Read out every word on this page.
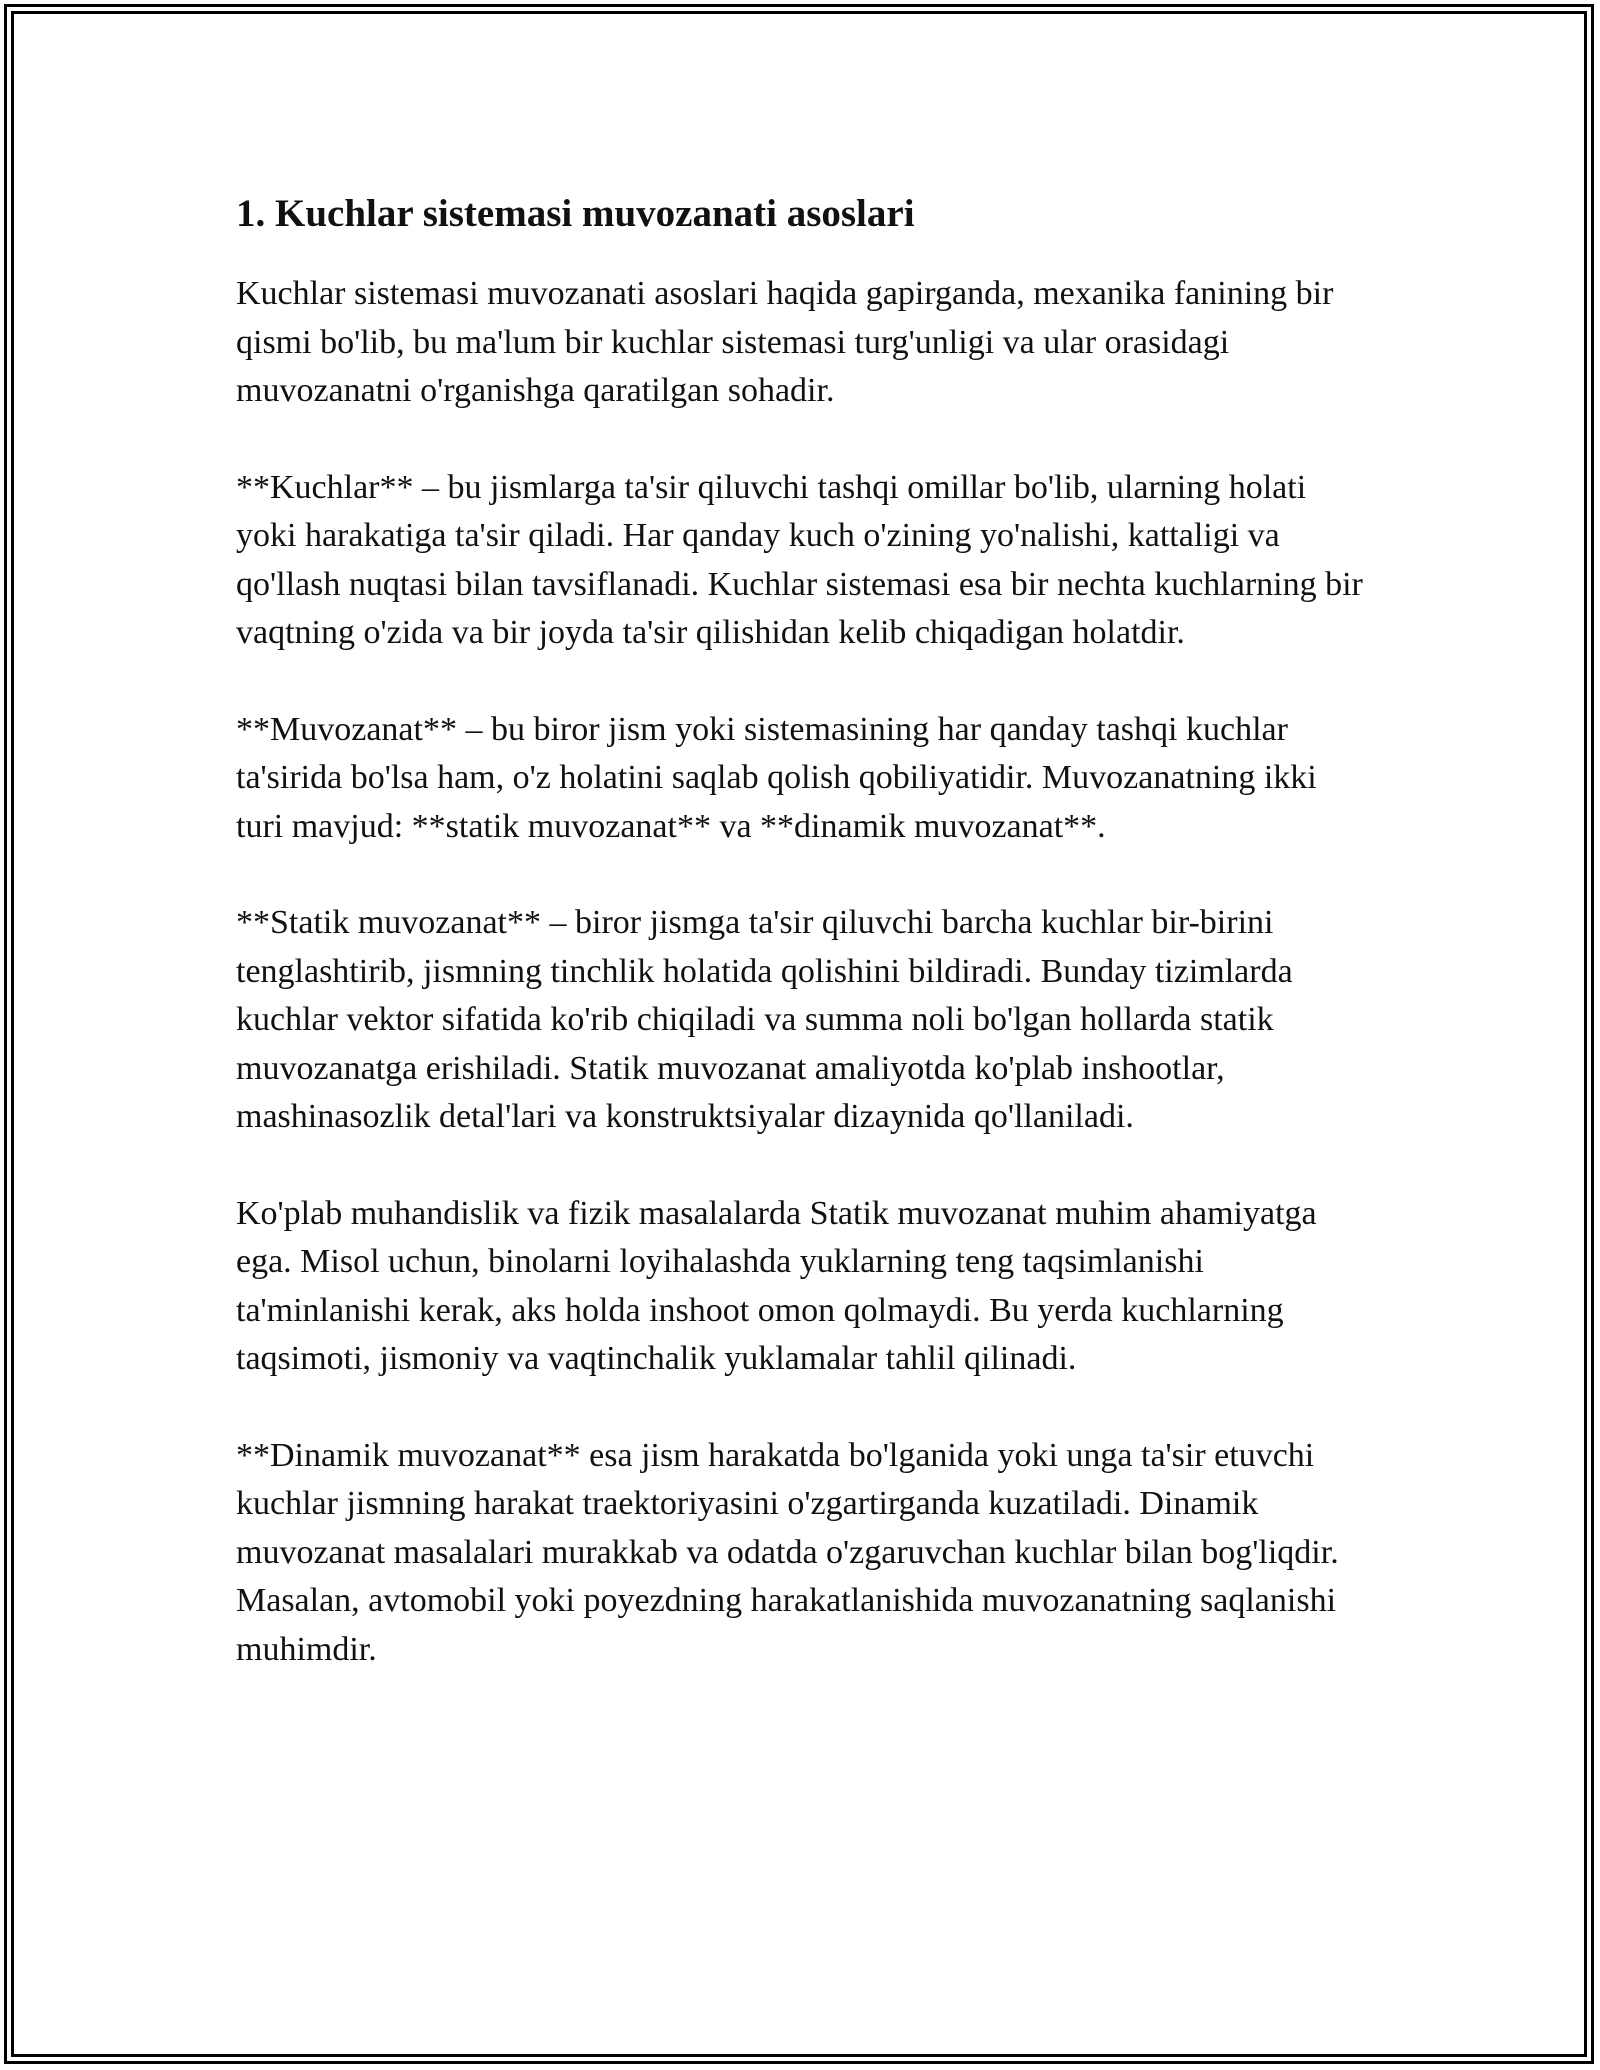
1. Kuchlar sistemasi muvozanati asoslari

Kuchlar sistemasi muvozanati asoslari haqida gapirganda, mexanika fanining bir qismi bo'lib, bu ma'lum bir kuchlar sistemasi turg'unligi va ular orasidagi muvozanatni o'rganishga qaratilgan sohadir.

**Kuchlar** – bu jismlarga ta'sir qiluvchi tashqi omillar bo'lib, ularning holati yoki harakatiga ta'sir qiladi. Har qanday kuch o'zining yo'nalishi, kattaligi va qo'llash nuqtasi bilan tavsiflanadi. Kuchlar sistemasi esa bir nechta kuchlarning bir vaqtning o'zida va bir joyda ta'sir qilishidan kelib chiqadigan holatdir.

**Muvozanat** – bu biror jism yoki sistemasining har qanday tashqi kuchlar ta'sirida bo'lsa ham, o'z holatini saqlab qolish qobiliyatidir. Muvozanatning ikki turi mavjud: **statik muvozanat** va **dinamik muvozanat**.

**Statik muvozanat** – biror jismga ta'sir qiluvchi barcha kuchlar bir-birini tenglashtirib, jismning tinchlik holatida qolishini bildiradi. Bunday tizimlarda kuchlar vektor sifatida ko'rib chiqiladi va summa noli bo'lgan hollarda statik muvozanatga erishiladi. Statik muvozanat amaliyotda ko'plab inshootlar, mashinasozlik detal'lari va konstruktsiyalar dizaynida qo'llaniladi.

Ko'plab muhandislik va fizik masalalarda Statik muvozanat muhim ahamiyatga ega. Misol uchun, binolarni loyihalashda yuklarning teng taqsimlanishi ta'minlanishi kerak, aks holda inshoot omon qolmaydi. Bu yerda kuchlarning taqsimoti, jismoniy va vaqtinchalik yuklamalar tahlil qilinadi.

**Dinamik muvozanat** esa jism harakatda bo'lganida yoki unga ta'sir etuvchi kuchlar jismning harakat traektoriyasini o'zgartirganda kuzatiladi. Dinamik muvozanat masalalari murakkab va odatda o'zgaruvchan kuchlar bilan bog'liqdir. Masalan, avtomobil yoki poyezdning harakatlanishida muvozanatning saqlanishi muhimdir.
